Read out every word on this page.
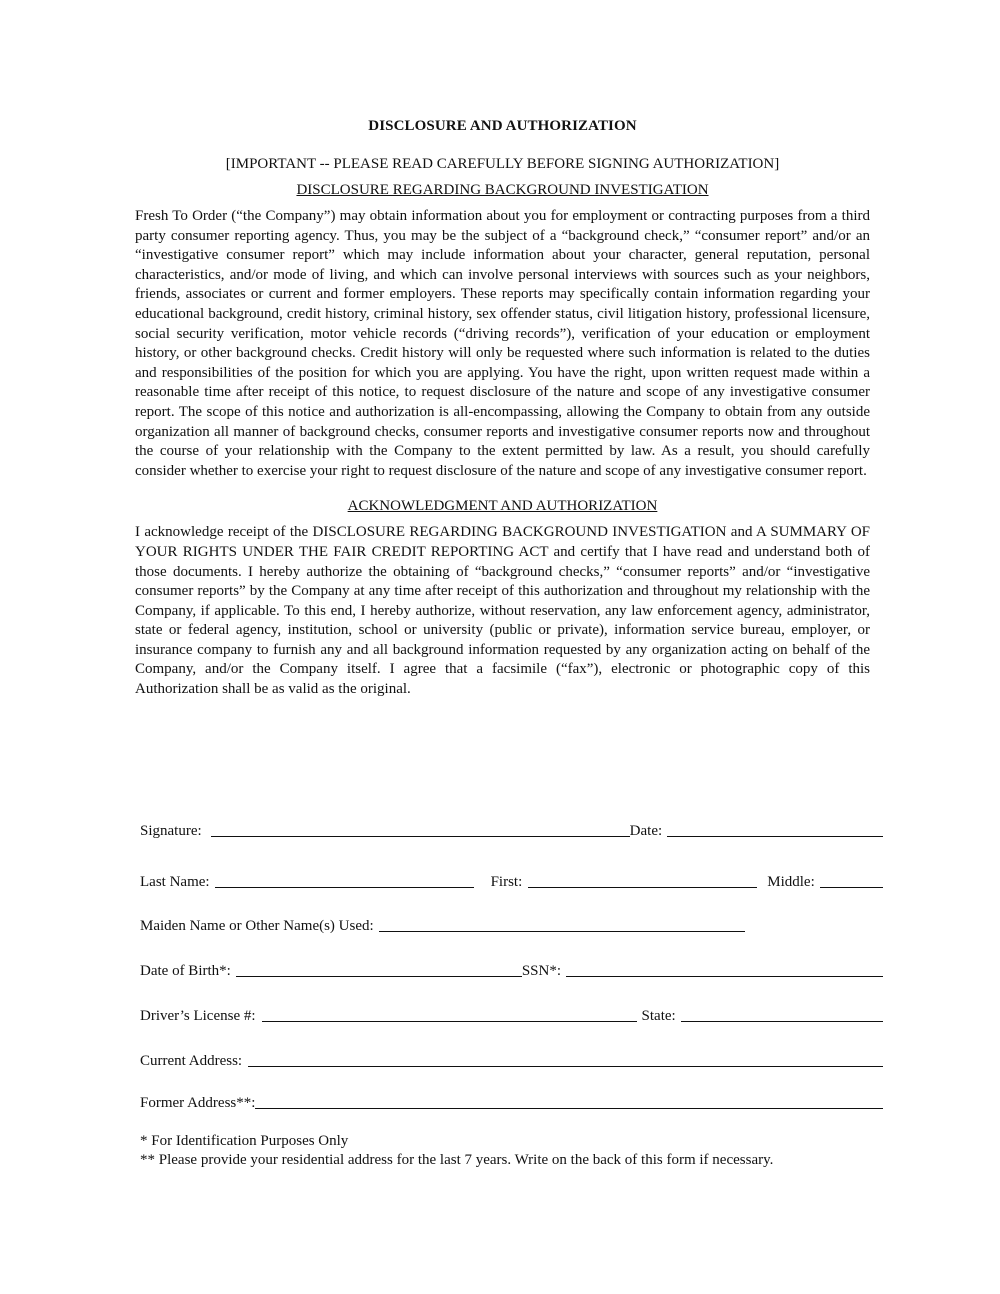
DISCLOSURE AND AUTHORIZATION
[IMPORTANT -- PLEASE READ CAREFULLY BEFORE SIGNING AUTHORIZATION]
DISCLOSURE REGARDING BACKGROUND INVESTIGATION

Fresh To Order (“the Company”) may obtain information about you for employment or contracting purposes from a third party consumer reporting agency. Thus, you may be the subject of a “background check,” “consumer report” and/or an “investigative consumer report” which may include information about your character, general reputation, personal characteristics, and/or mode of living, and which can involve personal interviews with sources such as your neighbors, friends, associates or current and former employers. These reports may specifically contain information regarding your educational background, credit history, criminal history, sex offender status, civil litigation history, professional licensure, social security verification, motor vehicle records (“driving records”), verification of your education or employment history, or other background checks. Credit history will only be requested where such information is related to the duties and responsibilities of the position for which you are applying. You have the right, upon written request made within a reasonable time after receipt of this notice, to request disclosure of the nature and scope of any investigative consumer report. The scope of this notice and authorization is all-encompassing, allowing the Company to obtain from any outside organization all manner of background checks, consumer reports and investigative consumer reports now and throughout the course of your relationship with the Company to the extent permitted by law. As a result, you should carefully consider whether to exercise your right to request disclosure of the nature and scope of any investigative consumer report.

ACKNOWLEDGMENT AND AUTHORIZATION

I acknowledge receipt of the DISCLOSURE REGARDING BACKGROUND INVESTIGATION and A SUMMARY OF YOUR RIGHTS UNDER THE FAIR CREDIT REPORTING ACT and certify that I have read and understand both of those documents. I hereby authorize the obtaining of “background checks,” “consumer reports” and/or “investigative consumer reports” by the Company at any time after receipt of this authorization and throughout my relationship with the Company, if applicable. To this end, I hereby authorize, without reservation, any law enforcement agency, administrator, state or federal agency, institution, school or university (public or private), information service bureau, employer, or insurance company to furnish any and all background information requested by any organization acting on behalf of the Company, and/or the Company itself. I agree that a facsimile (“fax”), electronic or photographic copy of this Authorization shall be as valid as the original.

Signature:	Date:
Last Name:	First:	Middle:
Maiden Name or Other Name(s) Used:
Date of Birth*:	SSN*:
Driver’s License #:	State:
Current Address:
Former Address**:
* For Identification Purposes Only
** Please provide your residential address for the last 7 years. Write on the back of this form if necessary.
